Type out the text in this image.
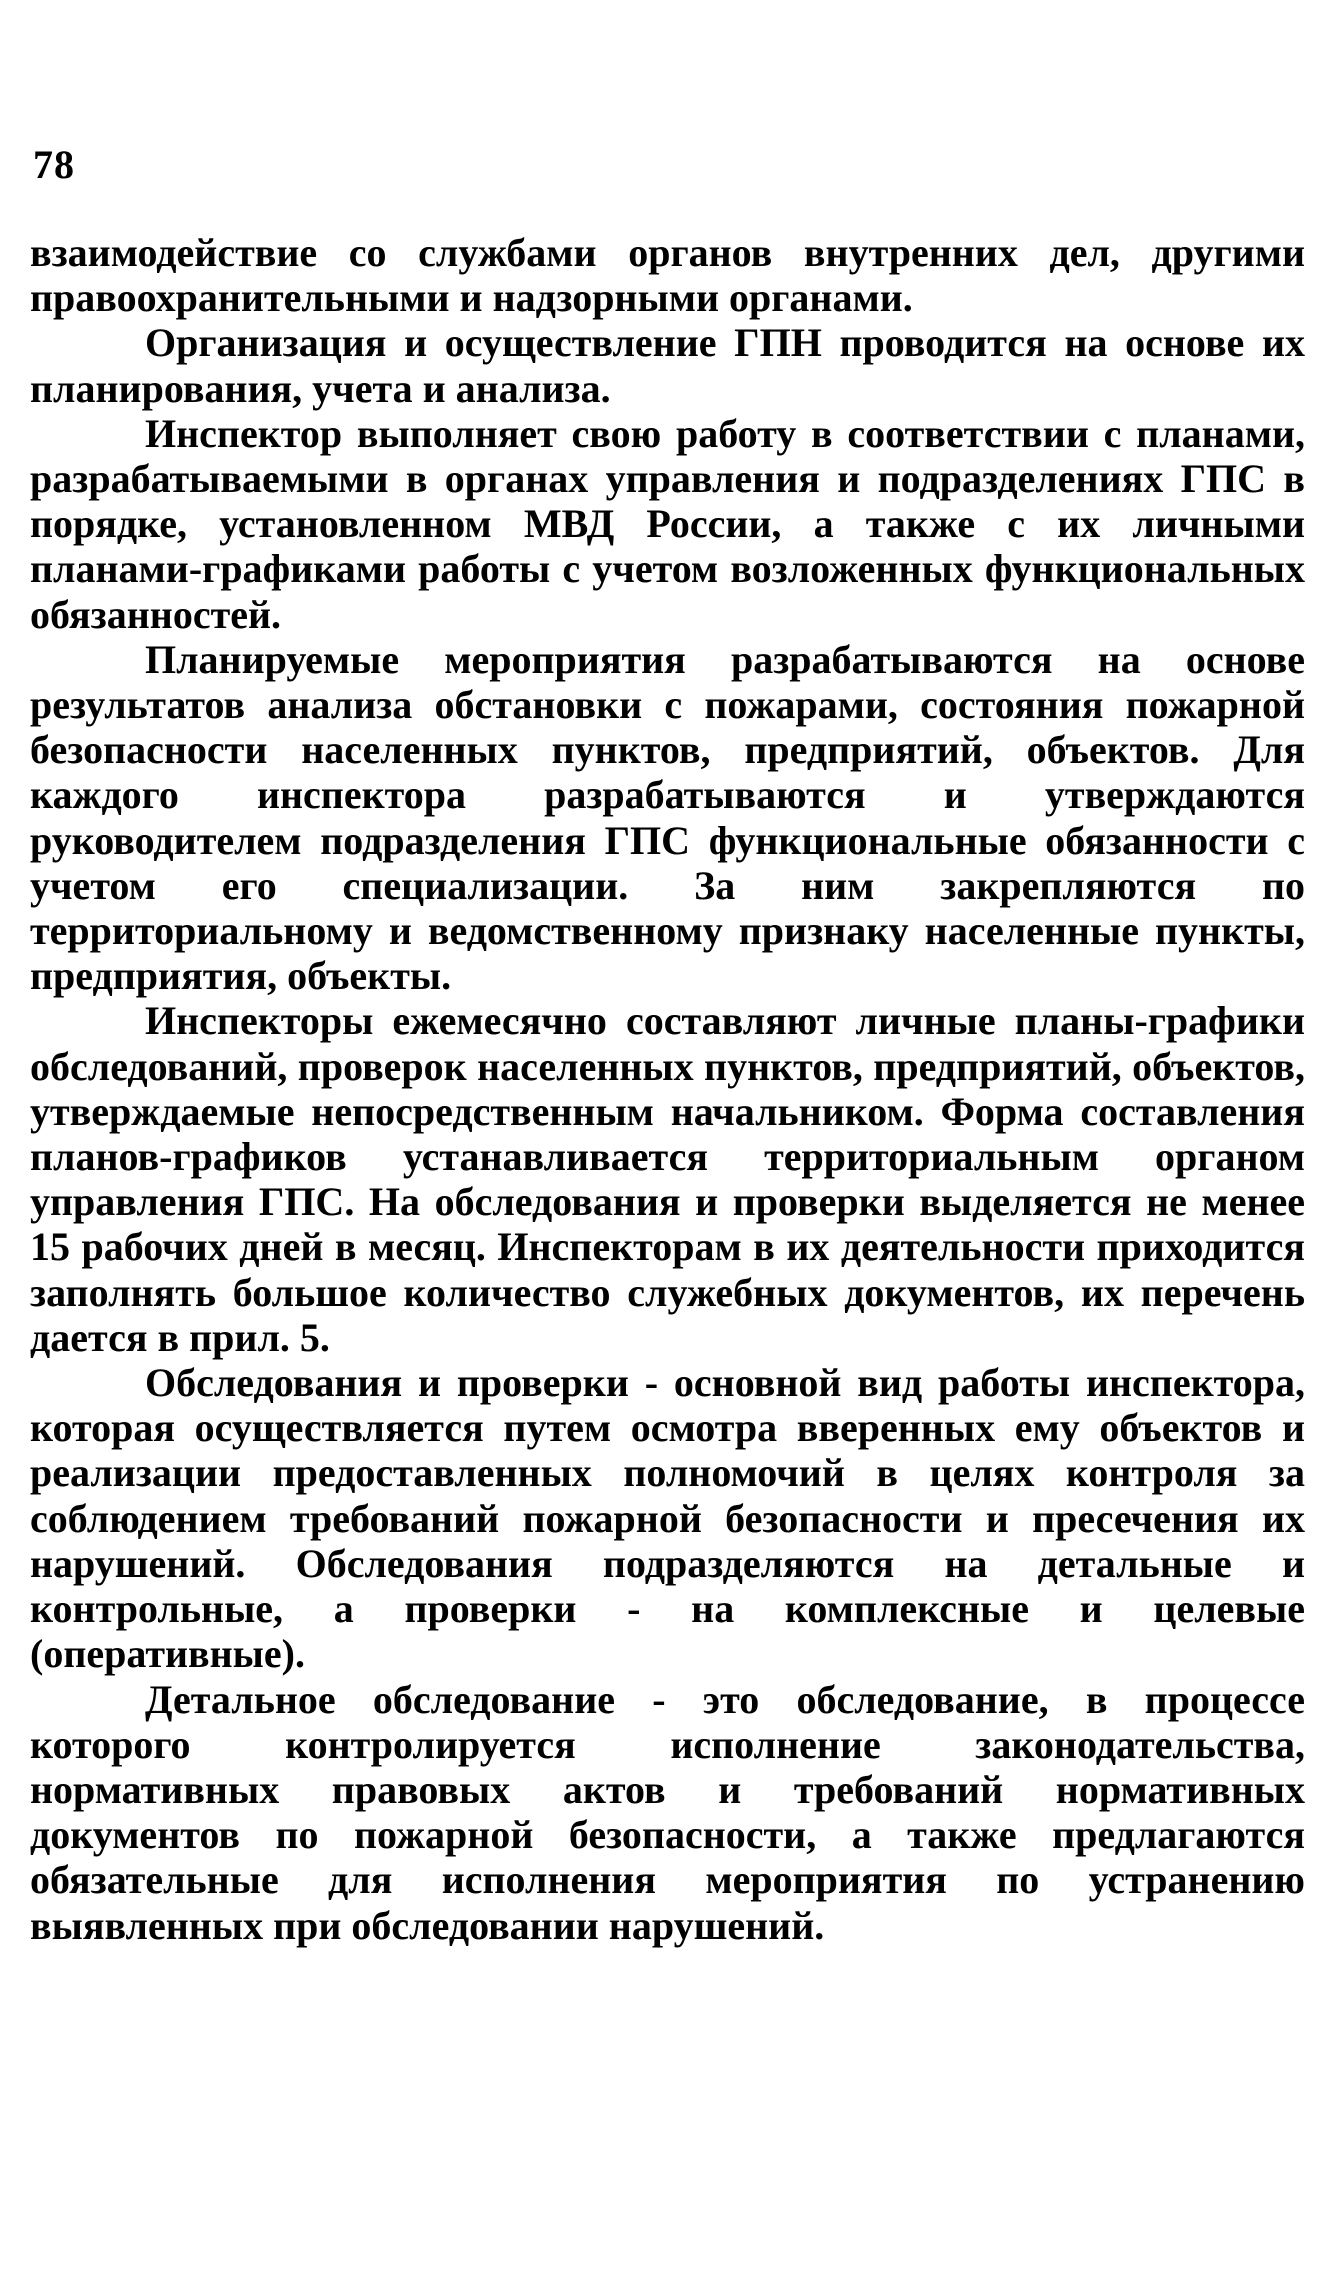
78

взаимодействие со службами органов внутренних дел, другими правоохранительными и надзорными органами.

Организация и осуществление ГПН проводится на основе их планирования, учета и анализа.

Инспектор выполняет свою работу в соответствии с планами, разрабатываемыми в органах управления и подразделениях ГПС в порядке, установленном МВД России, а также с их личными планами-графиками работы с учетом возложенных функциональных обязанностей.

Планируемые мероприятия разрабатываются на основе результатов анализа обстановки с пожарами, состояния пожарной безопасности населенных пунктов, предприятий, объектов. Для каждого инспектора разрабатываются и утверждаются руководителем подразделения ГПС функциональные обязанности с учетом его специализации. За ним закрепляются по территориальному и ведомственному признаку населенные пункты, предприятия, объекты.

Инспекторы ежемесячно составляют личные планы-графики обследований, проверок населенных пунктов, предприятий, объектов, утверждаемые непосредственным начальником. Форма составления планов-графиков устанавливается территориальным органом управления ГПС. На обследования и проверки выделяется не менее 15 рабочих дней в месяц. Инспекторам в их деятельности приходится заполнять большое количество служебных документов, их перечень дается в прил. 5.

Обследования и проверки - основной вид работы инспектора, которая осуществляется путем осмотра вверенных ему объектов и реализации предоставленных полномочий в целях контроля за соблюдением требований пожарной безопасности и пресечения их нарушений. Обследования подразделяются на детальные и контрольные, а проверки - на комплексные и целевые (оперативные).

Детальное обследование - это обследование, в процессе которого контролируется исполнение законодательства, нормативных правовых актов и требований нормативных документов по пожарной безопасности, а также предлагаются обязательные для исполнения мероприятия по устранению выявленных при обследовании нарушений.
